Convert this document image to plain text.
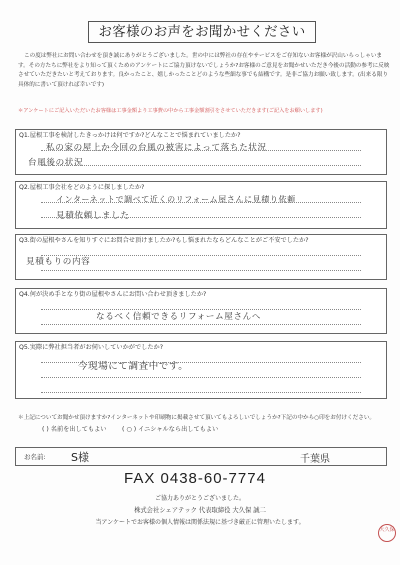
お客様のお声をお聞かせください

この度は弊社にお問い合わせを頂き誠にありがとうございました。世の中には弊社の存在やサービスをご存知ないお客様が沢山いらっしゃいます。その方たちに弊社をより知って頂くためのアンケートにご協力頂けないでしょうか?お客様のご意見をお聞かせいただき今後の活動の参考に反映させていただきたいと考えております。良かったこと、嬉しかったことどのような些細な事でも結構です。是非ご協力お願い致します。(出来る限り具体的に書いて頂ければ幸いです)

＊アンケートにご記入いただいたお客様は工事金額より工事費の中から工事金額割引をさせていただきます(ご記入をお願いします)
Q1.屋根工事を検討したきっかけは何ですか?どんなことで悩まれていましたか?
私の家の屋上か今回の台風の被害によって落ちた状況
台風後の状況
Q2.屋根工事会社をどのように探しましたか?
インターネットで調べて近くのリフォーム屋さんに見積り依頼
見積依頼しました
Q3.街の屋根やさんを知りすぐにお問合せ頂けましたか?もし悩まれたならどんなことがご不安でしたか?
見積もりの内容
Q4.何が決め手となり街の屋根やさんにお問い合わせ頂きましたか?
なるべく信頼できるリフォーム屋さんへ
Q5.実際に弊社担当者がお伺いしていかがでしたか?
今現場にて調査中です。
＊上記についてお聞かせ頂けますか?インターネットや印刷物に掲載させて頂いてもよろしいでしょうか?下記の中から○印をお付けください。
( ) 名前を出してもよい	( ○ ) イニシャルなら出してもよい
お名前: S様	千葉県
FAX 0438-60-7774
ご協力ありがとうございました。
株式会社シェアテック 代表取締役 大久保 誠二
当アンケートでお客様の個人情報は関係法規に基づき厳正に管理いたします。
大久保
